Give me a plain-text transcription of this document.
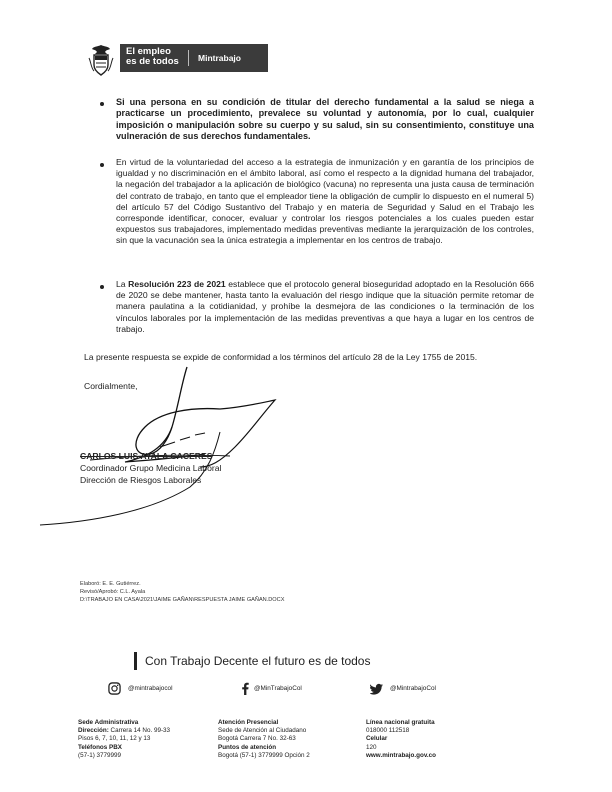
El empleo
es de todos Mintrabajo
Si una persona en su condición de titular del derecho fundamental a la salud se niega a practicarse un procedimiento, prevalece su voluntad y autonomía, por lo cual, cualquier imposición o manipulación sobre su cuerpo y su salud, sin su consentimiento, constituye una vulneración de sus derechos fundamentales.
En virtud de la voluntariedad del acceso a la estrategia de inmunización y en garantía de los principios de igualdad y no discriminación en el ámbito laboral, así como el respecto a la dignidad humana del trabajador, la negación del trabajador a la aplicación de biológico (vacuna) no representa una justa causa de terminación del contrato de trabajo, en tanto que el empleador tiene la obligación de cumplir lo dispuesto en el numeral 5) del artículo 57 del Código Sustantivo del Trabajo y en materia de Seguridad y Salud en el Trabajo les corresponde identificar, conocer, evaluar y controlar los riesgos potenciales a los cuales pueden estar expuestos sus trabajadores, implementado medidas preventivas mediante la jerarquización de los controles, sin que la vacunación sea la única estrategia a implementar en los centros de trabajo.
La Resolución 223 de 2021 establece que el protocolo general bioseguridad adoptado en la Resolución 666 de 2020 se debe mantener, hasta tanto la evaluación del riesgo indique que la situación permite retomar de manera paulatina a la cotidianidad, y prohíbe la desmejora de las condiciones o la terminación de los vínculos laborales por la implementación de las medidas preventivas a que haya a lugar en los centros de trabajo.
La presente respuesta se expide de conformidad a los términos del artículo 28 de la Ley 1755 de 2015.
Cordialmente,
CARLOS LUIS AYALA CACERES
Coordinador Grupo Medicina Laboral
Dirección de Riesgos Laborales
Elaboró: E. E. Gutiérrez.
Revisó/Aprobó: C.L. Ayala
D:\TRABAJO EN CASA\2021\JAIME GAÑAN\RESPUESTA JAIME GAÑAN.DOCX
Con Trabajo Decente el futuro es de todos
@mintrabajocol	@MinTrabajoCol	@MintrabajoCol
Sede Administrativa
Dirección: Carrera 14 No. 99-33
Pisos 6, 7, 10, 11, 12 y 13
Teléfonos PBX
(57-1) 3779999
Atención Presencial
Sede de Atención al Ciudadano
Bogotá Carrera 7 No. 32-63
Puntos de atención
Bogotá (57-1) 3779999 Opción 2
Línea nacional gratuita
018000 112518
Celular
120
www.mintrabajo.gov.co
